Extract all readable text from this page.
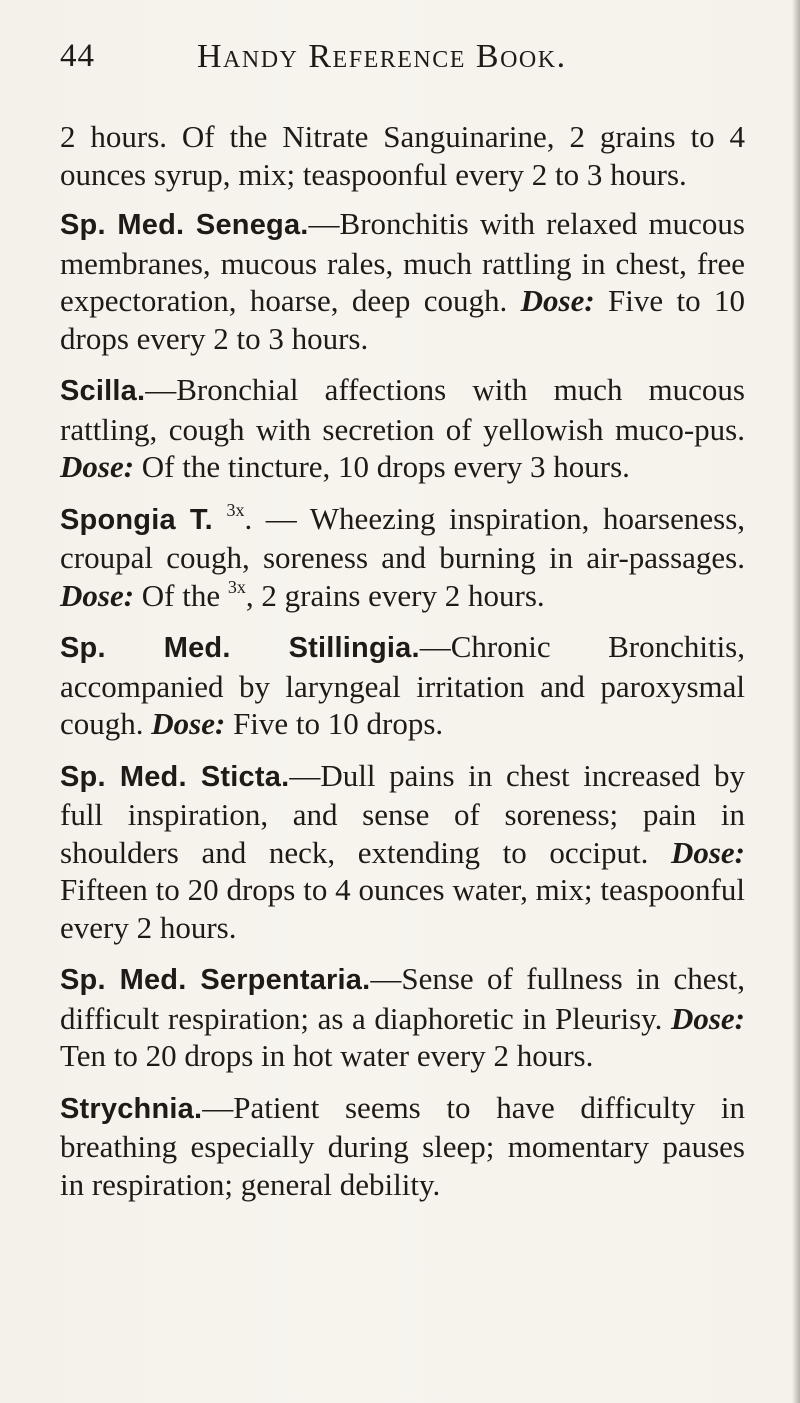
44	Handy Reference Book.

2 hours. Of the Nitrate Sanguinarine, 2 grains to 4 ounces syrup, mix; teaspoonful every 2 to 3 hours.

Sp. Med. Senega.—Bronchitis with relaxed mucous membranes, mucous rales, much rattling in chest, free expectoration, hoarse, deep cough. Dose: Five to 10 drops every 2 to 3 hours.

Scilla.—Bronchial affections with much mucous rattling, cough with secretion of yellowish muco-pus. Dose: Of the tincture, 10 drops every 3 hours.

Spongia T. $^{3x}$. — Wheezing inspiration, hoarseness, croupal cough, soreness and burning in air-passages. Dose: Of the $^{3x}$, 2 grains every 2 hours.

Sp. Med. Stillingia.—Chronic Bronchitis, accompanied by laryngeal irritation and paroxysmal cough. Dose: Five to 10 drops.

Sp. Med. Sticta.—Dull pains in chest increased by full inspiration, and sense of soreness; pain in shoulders and neck, extending to occiput. Dose: Fifteen to 20 drops to 4 ounces water, mix; teaspoonful every 2 hours.

Sp. Med. Serpentaria.—Sense of fullness in chest, difficult respiration; as a diaphoretic in Pleurisy. Dose: Ten to 20 drops in hot water every 2 hours.

Strychnia.—Patient seems to have difficulty in breathing especially during sleep; momentary pauses in respiration; general debility.
